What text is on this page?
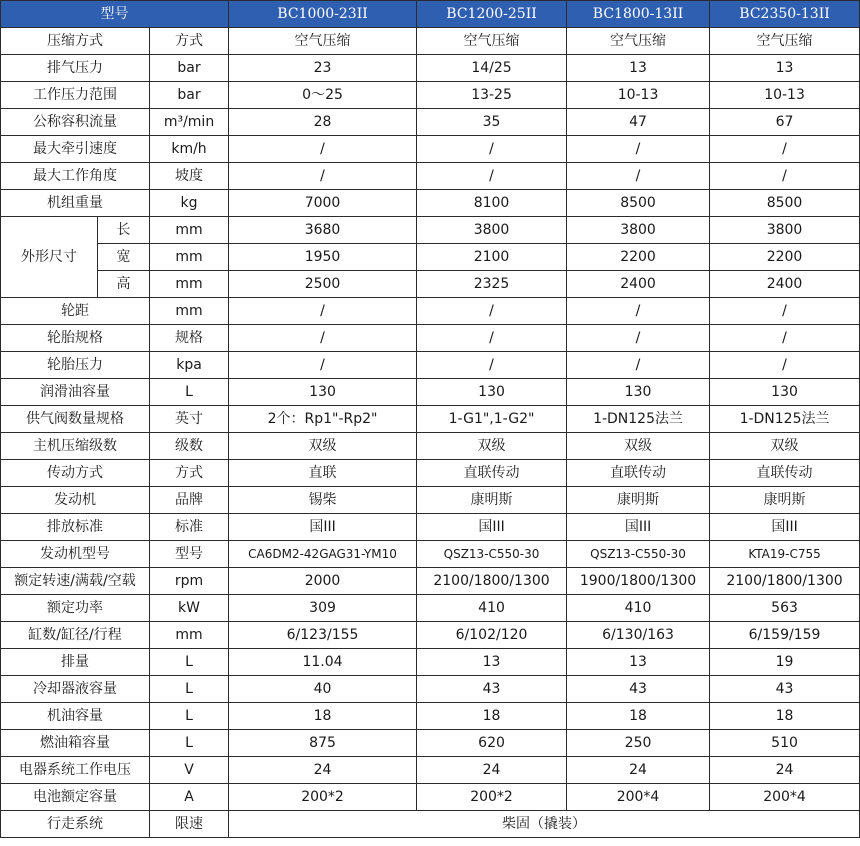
型号			BC1000-23II	BC1200-25II	BC1800-13II	BC2350-13II
压缩方式		方式	空气压缩	空气压缩	空气压缩	空气压缩
排气压力		bar	23	14/25	13	13
工作压力范围		bar	0～25	13-25	10-13	10-13
公称容积流量		m³/min	28	35	47	67
最大牵引速度		km/h	/	/	/	/
最大工作角度		坡度	/	/	/	/
机组重量		kg	7000	8100	8500	8500
外形尺寸	长	mm	3680	3800	3800	3800
	宽	mm	1950	2100	2200	2200
	高	mm	2500	2325	2400	2400
轮距		mm	/	/	/	/
轮胎规格		规格	/	/	/	/
轮胎压力		kpa	/	/	/	/
润滑油容量		L	130	130	130	130
供气阀数量规格		英寸	2个：Rp1"-Rp2"	1-G1",1-G2"	1-DN125法兰	1-DN125法兰
主机压缩级数		级数	双级	双级	双级	双级
传动方式		方式	直联	直联传动	直联传动	直联传动
发动机		品牌	锡柴	康明斯	康明斯	康明斯
排放标准		标准	国III	国III	国III	国III
发动机型号		型号	CA6DM2-42GAG31-YM10	QSZ13-C550-30	QSZ13-C550-30	KTA19-C755
额定转速/满载/空载		rpm	2000	2100/1800/1300	1900/1800/1300	2100/1800/1300
额定功率		kW	309	410	410	563
缸数/缸径/行程		mm	6/123/155	6/102/120	6/130/163	6/159/159
排量		L	11.04	13	13	19
冷却器液容量		L	40	43	43	43
机油容量		L	18	18	18	18
燃油箱容量		L	875	620	250	510
电器系统工作电压		V	24	24	24	24
电池额定容量		A	200*2	200*2	200*4	200*4
行走系统		限速	柴固（撬装）			
